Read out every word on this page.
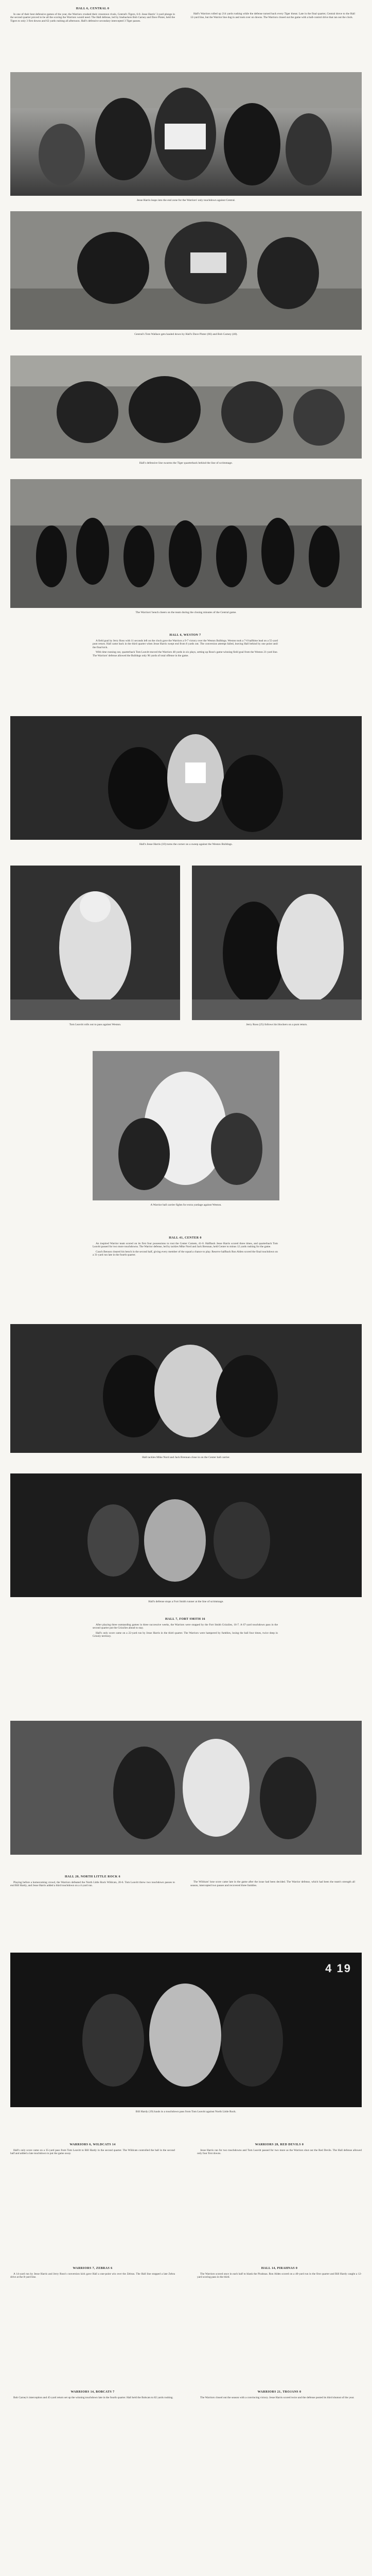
HALL 6, CENTRAL 0

In one of their best defensive games of the year, the Warriors crushed their crosstown rivals, Central's Tigers, 6-0. Jesse Harris' 3-yard plunge in the second quarter proved to be all the scoring the Warriors would need. The Hall defense, led by linebackers Bob Carney and Dave Pinter, held the Tigers to only 3 first downs and 62 yards rushing all afternoon. Hall's defensive secondary intercepted 3 Tiger passes.

Hall's Warriors rolled up 214 yards rushing while the defense turned back every Tiger threat. Late in the final quarter, Central drove to the Hall 12-yard line, but the Warrior line dug in and took over on downs. The Warriors closed out the game with a ball-control drive that ran out the clock.

Jesse Harris leaps into the end zone for the Warriors' only touchdown against Central.
Central's Tom Wallace gets hauled down by Hall's Dave Pinter (66) and Bob Carney (40).
Hall's defensive line swarms the Tiger quarterback behind the line of scrimmage.
The Warriors' bench cheers on the team during the closing minutes of the Central game.
HALL 6, WESTON 7

A field goal by Jerry Ross with 11 seconds left on the clock gave the Warriors a 9-7 victory over the Weston Bulldogs. Weston took a 7-0 halftime lead on a 55-yard punt return. Hall came back in the third quarter when Jesse Harris swept end from 8 yards out. The conversion attempt failed, leaving Hall behind by one point until the final kick.

With time running out, quarterback Tom Leavitt moved the Warriors 48 yards in six plays, setting up Ross's game-winning field goal from the Weston 21-yard line. The Warriors' defense allowed the Bulldogs only 96 yards of total offense in the game.

Hall's Jesse Harris (10) turns the corner on a sweep against the Weston Bulldogs.
Tom Leavitt rolls out to pass against Weston.	Jerry Ross (25) follows his blockers on a punt return.
A Warrior ball carrier fights for extra yardage against Weston.
HALL 41, CENTER 0

An inspired Warrior team scored on its first four possessions to rout the Center Comets, 41-0. Halfback Jesse Harris scored three times, and quarterback Tom Leavitt passed for two more touchdowns. The Warrior defense, led by tackles Mike Nord and Jack Brennan, held Center to minus 12 yards rushing for the game.

Coach Benson cleared his bench in the second half, giving every member of the squad a chance to play. Reserve halfback Ron Alden scored the final touchdown on a 31-yard run late in the fourth quarter.

Hall tackles Mike Nord and Jack Brennan close in on the Center ball carrier.
Hall's defense stops a Fort Smith runner at the line of scrimmage.
HALL 7, FORT SMITH 16

After playing three outstanding games in three successive weeks, the Warriors were stopped by the Fort Smith Grizzlies, 16-7. A 67-yard touchdown pass in the second quarter put the Grizzlies ahead to stay.

Hall's only score came on a 22-yard run by Jesse Harris in the third quarter. The Warriors were hampered by fumbles, losing the ball four times, twice deep in Grizzly territory.

HALL 20, NORTH LITTLE ROCK 6

Playing before a homecoming crowd, the Warriors defeated the North Little Rock Wildcats, 20-6. Tom Leavitt threw two touchdown passes to end Bill Hardy, and Jesse Harris added a third touchdown on a 4-yard run.

The Wildcats' lone score came late in the game after the issue had been decided. The Warrior defense, which had been the team's strength all season, intercepted two passes and recovered three fumbles.

4 19
Bill Hardy (19) hauls in a touchdown pass from Tom Leavitt against North Little Rock.
WARRIORS 6, WILDCATS 14

Hall's only score came on a 35-yard pass from Tom Leavitt to Bill Hardy in the second quarter. The Wildcats controlled the ball in the second half and added a late touchdown to put the game away.

WARRIORS 28, RED DEVILS 0

Jesse Harris ran for two touchdowns and Tom Leavitt passed for two more as the Warriors shut out the Red Devils. The Hall defense allowed only four first downs.

WARRIORS 7, ZEBRAS 6

A 14-yard run by Jesse Harris and Jerry Ross's conversion kick gave Hall a one-point win over the Zebras. The Hall line stopped a late Zebra drive at the 8-yard line.

HALL 14, PIRAHNAS 0

The Warriors scored once in each half to blank the Pirahnas. Ron Alden scored on a 40-yard run in the first quarter and Bill Hardy caught a 12-yard scoring pass in the third.

WARRIORS 14, BOBCATS 7

Bob Carney's interception and 45-yard return set up the winning touchdown late in the fourth quarter. Hall held the Bobcats to 82 yards rushing.

WARRIORS 21, TROJANS 0

The Warriors closed out the season with a convincing victory. Jesse Harris scored twice and the defense posted its third shutout of the year.
